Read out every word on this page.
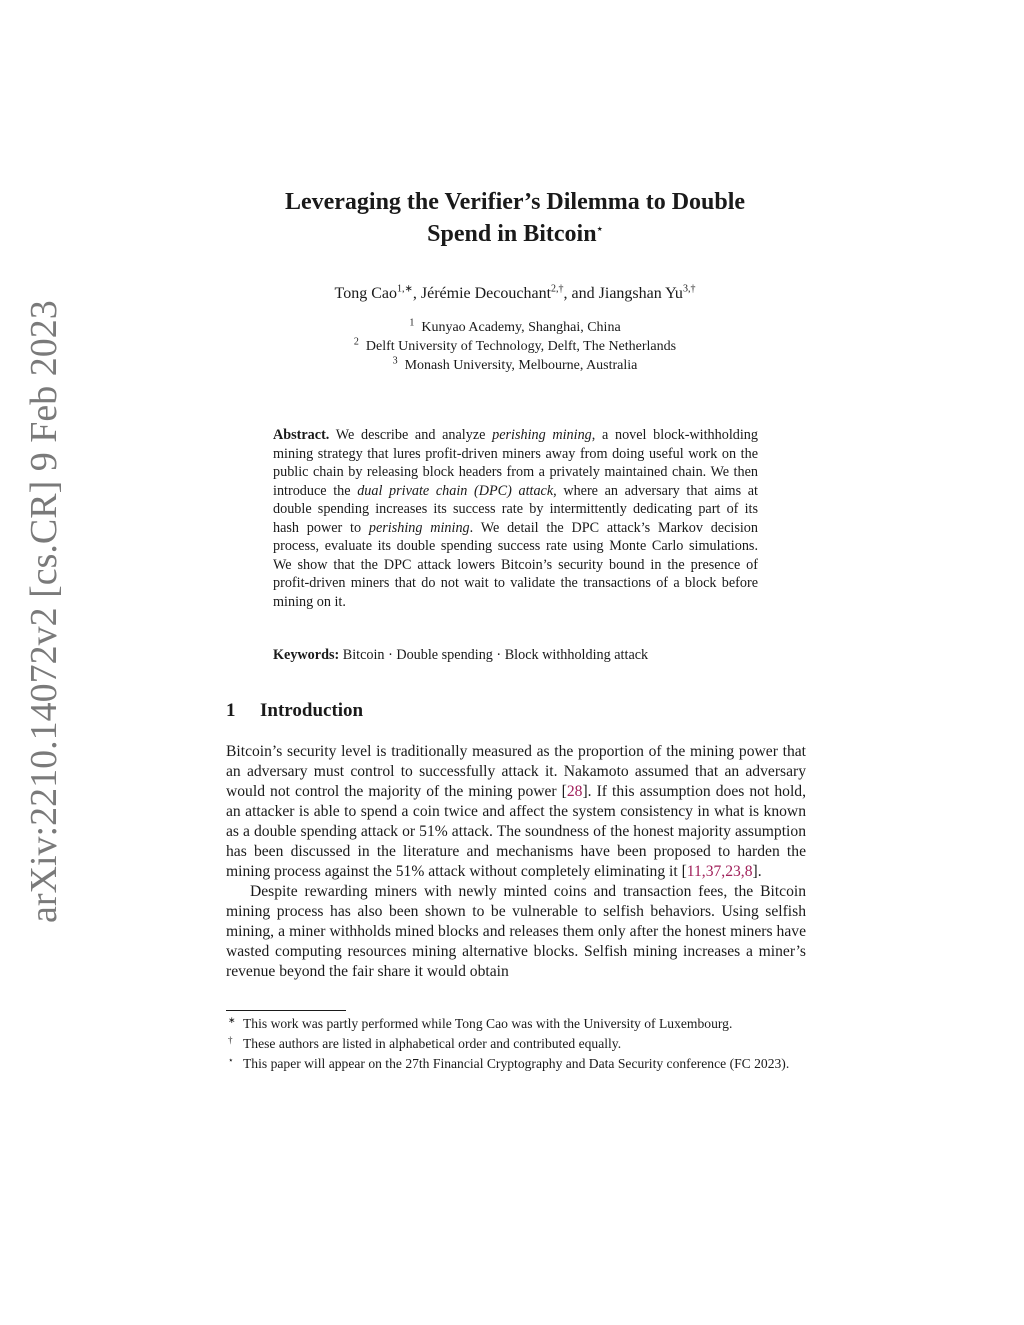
arXiv:2210.14072v2 [cs.CR] 9 Feb 2023
Leveraging the Verifier’s Dilemma to Double
Spend in Bitcoin⋆
Tong Cao$^{1,∗}$, Jérémie Decouchant$^{2,\dagger}$, and Jiangshan $Yu^{3,\dagger}$
$^1$ Kunyao Academy, Shanghai, China
$^2$ Delft University of Technology, Delft, The Netherlands
$^3$ Monash University, Melbourne, Australia
Abstract. We describe and analyze perishing mining, a novel block-withholding mining strategy that lures profit-driven miners away from doing useful work on the public chain by releasing block headers from a privately maintained chain. We then introduce the dual private chain (DPC) attack, where an adversary that aims at double spending increases its success rate by intermittently dedicating part of its hash power to perishing mining. We detail the DPC attack’s Markov decision process, evaluate its double spending success rate using Monte Carlo simulations. We show that the DPC attack lowers Bitcoin’s security bound in the presence of profit-driven miners that do not wait to validate the transactions of a block before mining on it.
Keywords: Bitcoin · Double spending · Block withholding attack
1 Introduction

Bitcoin’s security level is traditionally measured as the proportion of the mining power that an adversary must control to successfully attack it. Nakamoto assumed that an adversary would not control the majority of the mining power [28]. If this assumption does not hold, an attacker is able to spend a coin twice and affect the system consistency in what is known as a double spending attack or 51% attack. The soundness of the honest majority assumption has been discussed in the literature and mechanisms have been proposed to harden the mining process against the 51% attack without completely eliminating it [11,37,23,8].

Despite rewarding miners with newly minted coins and transaction fees, the Bitcoin mining process has also been shown to be vulnerable to selfish behaviors. Using selfish mining, a miner withholds mined blocks and releases them only after the honest miners have wasted computing resources mining alternative blocks. Selfish mining increases a miner’s revenue beyond the fair share it would obtain

∗ This work was partly performed while Tong Cao was with the University of Luxembourg.
† These authors are listed in alphabetical order and contributed equally.
⋆ This paper will appear on the 27th Financial Cryptography and Data Security conference (FC 2023).
